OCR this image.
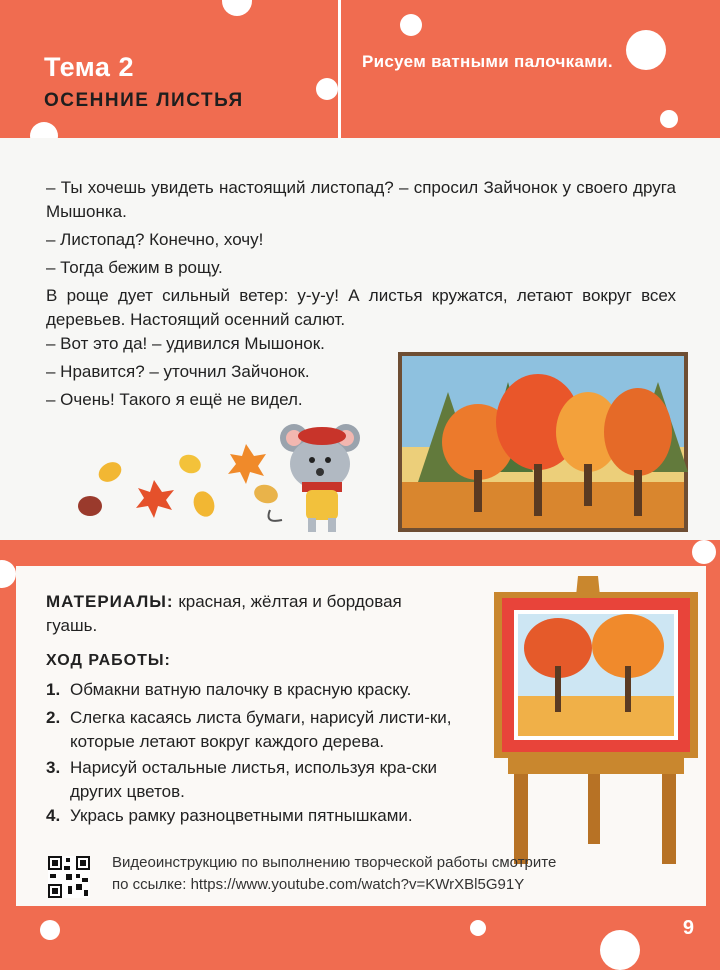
Тема 2
ОСЕННИЕ ЛИСТЬЯ
Рисуем ватными палочками.

– Ты хочешь увидеть настоящий листопад? – спросил Зайчонок у своего друга Мышонка.

– Листопад? Конечно, хочу!

– Тогда бежим в рощу.

В роще дует сильный ветер: у-у-у! А листья кружатся, летают вокруг всех деревьев. Настоящий осенний салют.

– Вот это да! – удивился Мышонок.

– Нравится? – уточнил Зайчонок.

– Очень! Такого я ещё не видел.

МАТЕРИАЛЫ: красная, жёлтая и бордовая гуашь.
ХОД РАБОТЫ:
1. Обмакни ватную палочку в красную краску.
2. Слегка касаясь листа бумаги, нарисуй листи-ки, которые летают вокруг каждого дерева.
3. Нарисуй остальные листья, используя кра-ски других цветов.
4. Укрась рамку разноцветными пятнышками.
Видеоинструкцию по выполнению творческой работы смотрите
по ссылке: https://www.youtube.com/watch?v=KWrXBl5G91Y
9
